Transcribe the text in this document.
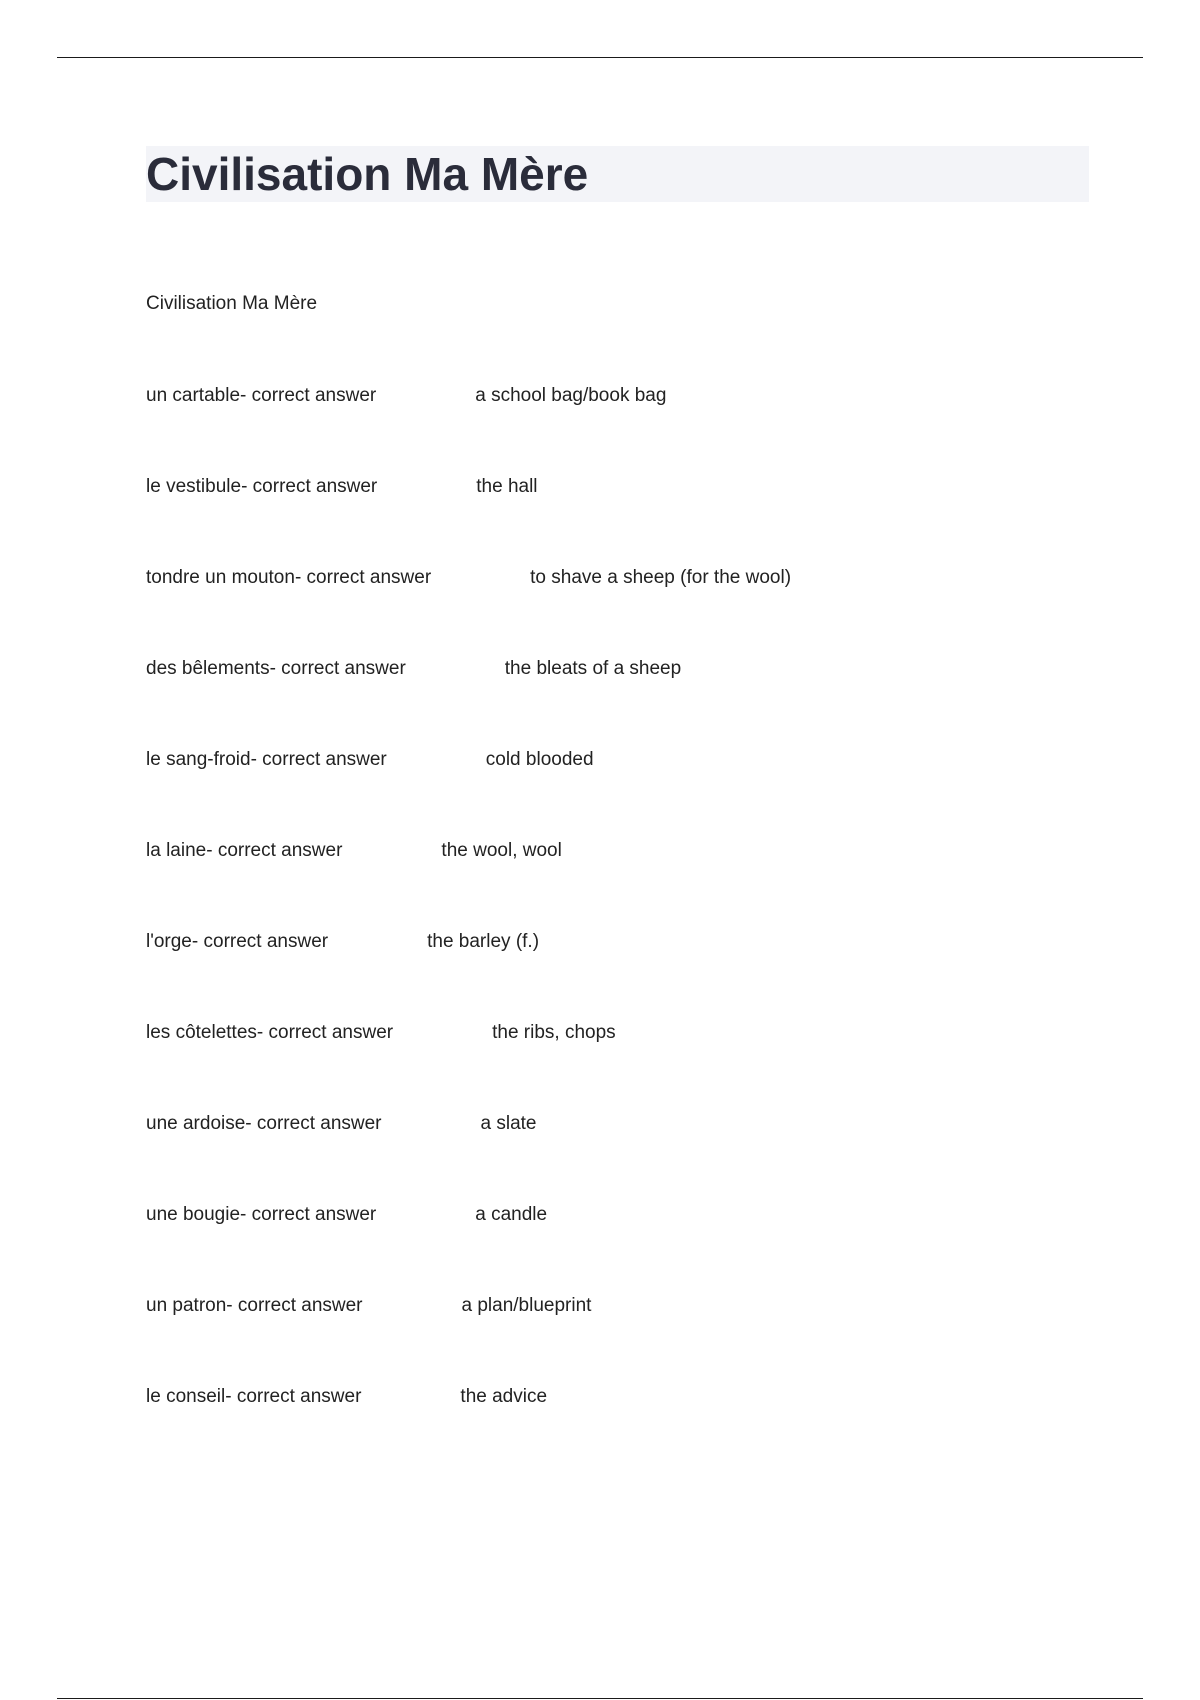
Civilisation Ma Mère
Civilisation Ma Mère
un cartable - correct answer	a school bag/book bag
le vestibule - correct answer	the hall
tondre un mouton - correct answer	to shave a sheep (for the wool)
des bêlements - correct answer	the bleats of a sheep
le sang-froid - correct answer	cold blooded
la laine - correct answer	the wool, wool
l'orge - correct answer	the barley (f.)
les côtelettes - correct answer	the ribs, chops
une ardoise - correct answer	a slate
une bougie - correct answer	a candle
un patron - correct answer	a plan/blueprint
le conseil - correct answer	the advice
